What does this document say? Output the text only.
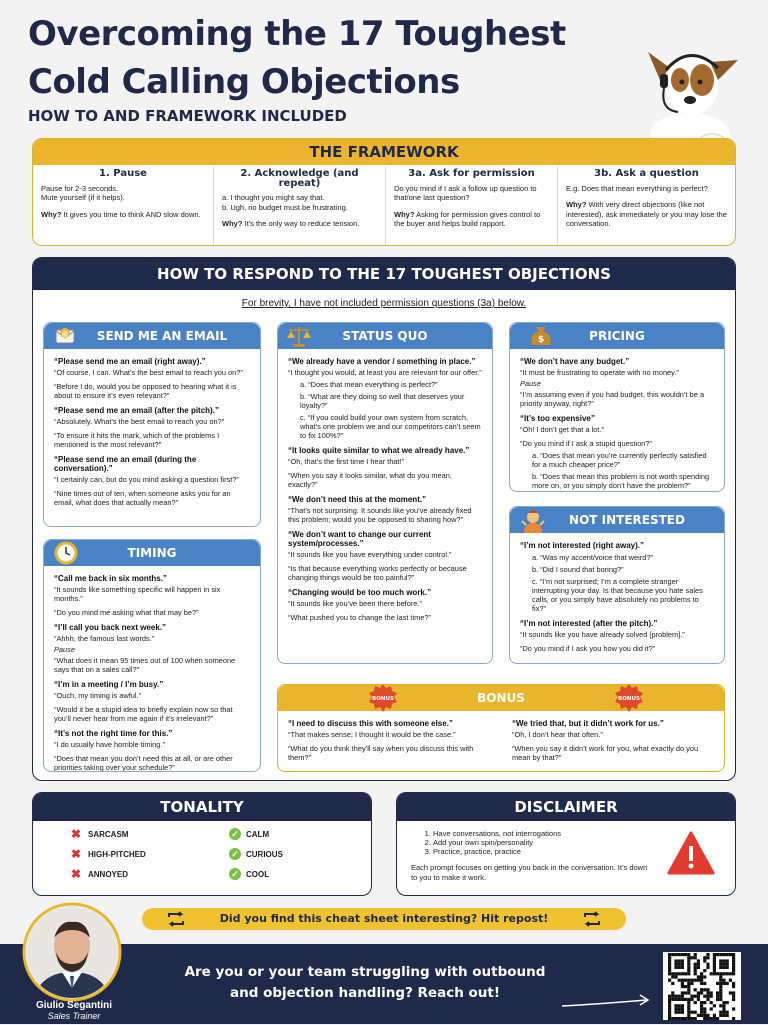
Overcoming the 17 Toughest Cold Calling Objections
HOW TO AND FRAMEWORK INCLUDED
THE FRAMEWORK
1. Pause

Pause for 2-3 seconds.
Mute yourself (if it helps).

Why? It gives you time to think AND slow down.

2. Acknowledge (and repeat)

a. I thought you might say that.
b. Ugh, no budget must be frustrating.

Why? It's the only way to reduce tension.

3a. Ask for permission

Do you mind if I ask a follow up question to that/one last question?

Why? Asking for permission gives control to the buyer and helps build rapport.

3b. Ask a question

E.g. Does that mean everything is perfect?

Why? With very direct objections (like not interested), ask immediately or you may lose the conversation.

HOW TO RESPOND TO THE 17 TOUGHEST OBJECTIONS
For brevity, I have not included permission questions (3a) below.
@ SEND ME AN EMAIL
“Please send me an email (right away).”
“Of course, I can. What’s the best email to reach you on?”
“Before I do, would you be opposed to hearing what it is about to ensure it’s even relevant?”
“Please send me an email (after the pitch).”
“Absolutely. What’s the best email to reach you on?”
“To ensure it hits the mark, which of the problems I mentioned is the most relevant?”
“Please send me an email (during the conversation).”
“I certainly can, but do you mind asking a question first?”
“Nine times out of ten, when someone asks you for an email, what does that actually mean?”
TIMING
“Call me back in six months.”
“It sounds like something specific will happen in six months.”
“Do you mind me asking what that may be?”
“I’ll call you back next week.”
“Ahhh, the famous last words.”
Pause
“What does it mean 95 times out of 100 when someone says that on a sales call?”
“I’m in a meeting / I’m busy.”
“Ouch, my timing is awful.”
“Would it be a stupid idea to briefly explain now so that you’ll never hear from me again if it’s irrelevant?”
“It’s not the right time for this.”
“I do usually have horrible timing.”
“Does that mean you don’t need this at all, or are other priorities taking over your schedule?”
STATUS QUO
“We already have a vendor / something in place.”
“I thought you would, at least you are relevant for our offer.”
a. “Does that mean everything is perfect?”
b. “What are they doing so well that deserves your loyalty?”
c. “If you could build your own system from scratch, what’s one problem we and our competitors can’t seem to fix 100%?”
“It looks quite similar to what we already have.”
“Oh, that’s the first time I hear that!”
“When you say it looks similar, what do you mean, exactly?”
“We don’t need this at the moment.”
“That’s not surprising. It sounds like you’ve already fixed this problem; would you be opposed to sharing how?”
“We don’t want to change our current system/processes.”
“It sounds like you have everything under control.”
“Is that because everything works perfectly or because changing things would be too painful?”
“Changing would be too much work.”
“It sounds like you’ve been there before.”
“What pushed you to change the last time?”
$	PRICING
“We don’t have any budget.”
“It must be frustrating to operate with no money.”
Pause
“I’m assuming even if you had budget, this wouldn’t be a priority anyway, right?”
“It’s too expensive”
“Oh! I don’t get that a lot.”
“Do you mind if I ask a stupid question?”
a. “Does that mean you’re currently perfectly satisfied for a much cheaper price?”
b. “Does that mean this problem is not worth spending more on, or you simply don’t have the problem?”
NOT INTERESTED
“I’m not interested (right away).”
a. “Was my accent/voice that weird?”
b. “Did I sound that boring?”
c. “I’m not surprised; I’m a complete stranger interrupting your day. Is that because you hate sales calls, or you simply have absolutely no problems to fix?”
“I’m not interested (after the pitch).”
“It sounds like you have already solved [problem].”
“Do you mind if I ask you how you did it?”
BONUS	BONUS	BONUS
“I need to discuss this with someone else.”
“That makes sense; I thought it would be the case.”
“What do you think they’ll say when you discuss this with them?”
“We tried that, but it didn’t work for us.”
“Oh, I don’t hear that often.”
“When you say it didn’t work for you, what exactly do you mean by that?”
TONALITY
✖ SARCASM
✖ HIGH-PITCHED
✖ ANNOYED
✓ CALM
✓ CURIOUS
✓ COOL
DISCLAIMER
1. Have conversations, not interrogations
2. Add your own spin/personality
3. Practice, practice, practice
Each prompt focuses on getting you back in the conversation. It’s down to you to make it work.
Did you find this cheat sheet interesting? Hit repost!
Giulio Segantini
Sales Trainer
Are you or your team struggling with outbound and objection handling? Reach out!
